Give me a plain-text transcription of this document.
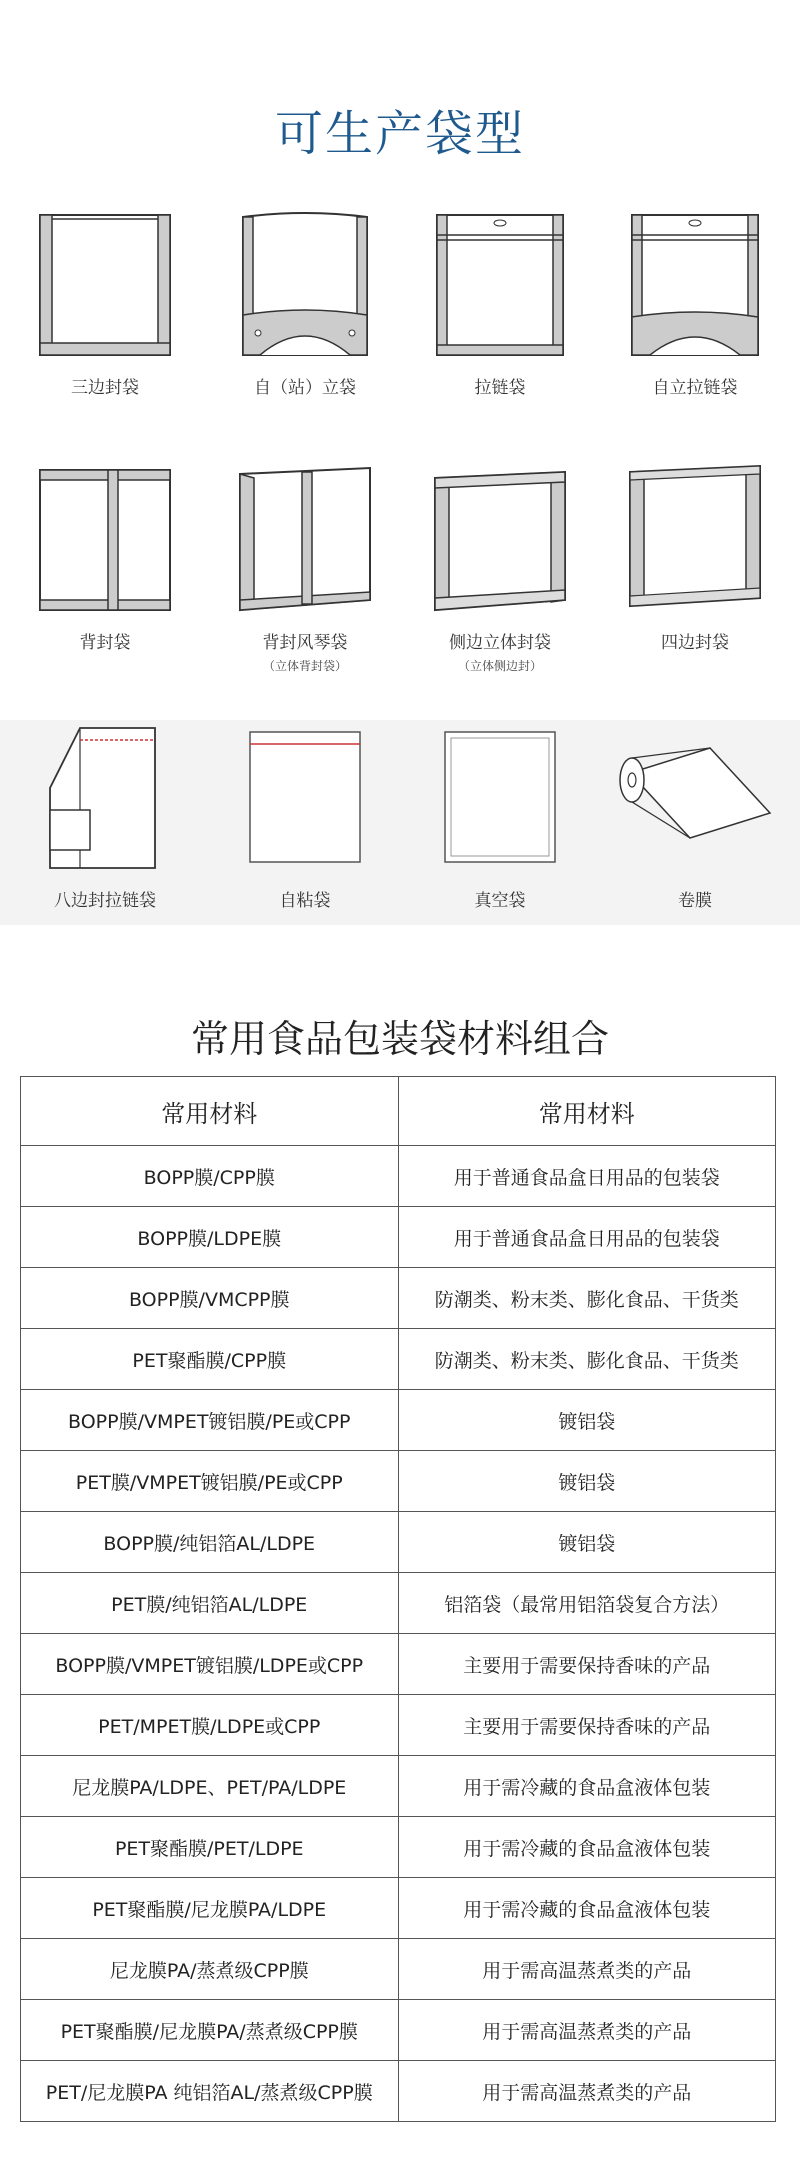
可生产袋型
三边封袋	自（站）立袋	拉链袋	自立拉链袋
背封袋	背封风琴袋
（立体背封袋）
侧边立体封袋
（立体侧边封）
四边封袋
八边封拉链袋	自粘袋	真空袋	卷膜
常用食品包装袋材料组合
常用材料	常用材料
BOPP膜/CPP膜	用于普通食品盒日用品的包装袋
BOPP膜/LDPE膜	用于普通食品盒日用品的包装袋
BOPP膜/VMCPP膜	防潮类、粉末类、膨化食品、干货类
PET聚酯膜/CPP膜	防潮类、粉末类、膨化食品、干货类
BOPP膜/VMPET镀铝膜/PE或CPP	镀铝袋
PET膜/VMPET镀铝膜/PE或CPP	镀铝袋
BOPP膜/纯铝箔AL/LDPE	镀铝袋
PET膜/纯铝箔AL/LDPE	铝箔袋（最常用铝箔袋复合方法）
BOPP膜/VMPET镀铝膜/LDPE或CPP	主要用于需要保持香味的产品
PET/MPET膜/LDPE或CPP	主要用于需要保持香味的产品
尼龙膜PA/LDPE、PET/PA/LDPE	用于需冷藏的食品盒液体包装
PET聚酯膜/PET/LDPE	用于需冷藏的食品盒液体包装
PET聚酯膜/尼龙膜PA/LDPE	用于需冷藏的食品盒液体包装
尼龙膜PA/蒸煮级CPP膜	用于需高温蒸煮类的产品
PET聚酯膜/尼龙膜PA/蒸煮级CPP膜	用于需高温蒸煮类的产品
PET/尼龙膜PA 纯铝箔AL/蒸煮级CPP膜	用于需高温蒸煮类的产品
